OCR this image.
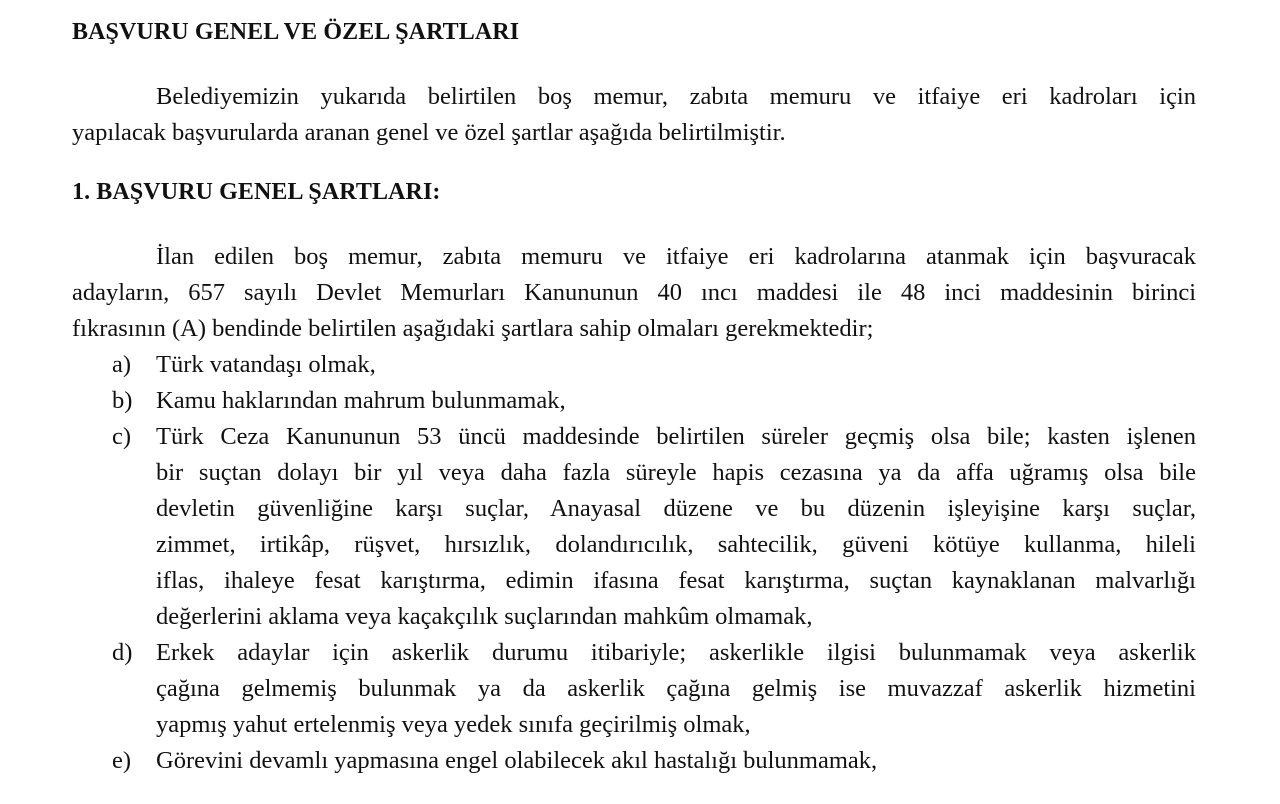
BAŞVURU GENEL VE ÖZEL ŞARTLARI
Belediyemizin yukarıda belirtilen boş memur, zabıta memuru ve itfaiye eri kadroları için
yapılacak başvurularda aranan genel ve özel şartlar aşağıda belirtilmiştir.
1. BAŞVURU GENEL ŞARTLARI:
İlan edilen boş memur, zabıta memuru ve itfaiye eri kadrolarına atanmak için başvuracak
adayların, 657 sayılı Devlet Memurları Kanununun 40 ıncı maddesi ile 48 inci maddesinin birinci
fıkrasının (A) bendinde belirtilen aşağıdaki şartlara sahip olmaları gerekmektedir;
a) Türk vatandaşı olmak,
b) Kamu haklarından mahrum bulunmamak,
c) Türk Ceza Kanununun 53 üncü maddesinde belirtilen süreler geçmiş olsa bile; kasten işlenen
bir suçtan dolayı bir yıl veya daha fazla süreyle hapis cezasına ya da affa uğramış olsa bile
devletin güvenliğine karşı suçlar, Anayasal düzene ve bu düzenin işleyişine karşı suçlar,
zimmet, irtikâp, rüşvet, hırsızlık, dolandırıcılık, sahtecilik, güveni kötüye kullanma, hileli
iflas, ihaleye fesat karıştırma, edimin ifasına fesat karıştırma, suçtan kaynaklanan malvarlığı
değerlerini aklama veya kaçakçılık suçlarından mahkûm olmamak,
d) Erkek adaylar için askerlik durumu itibariyle; askerlikle ilgisi bulunmamak veya askerlik
çağına gelmemiş bulunmak ya da askerlik çağına gelmiş ise muvazzaf askerlik hizmetini
yapmış yahut ertelenmiş veya yedek sınıfa geçirilmiş olmak,
e) Görevini devamlı yapmasına engel olabilecek akıl hastalığı bulunmamak,
